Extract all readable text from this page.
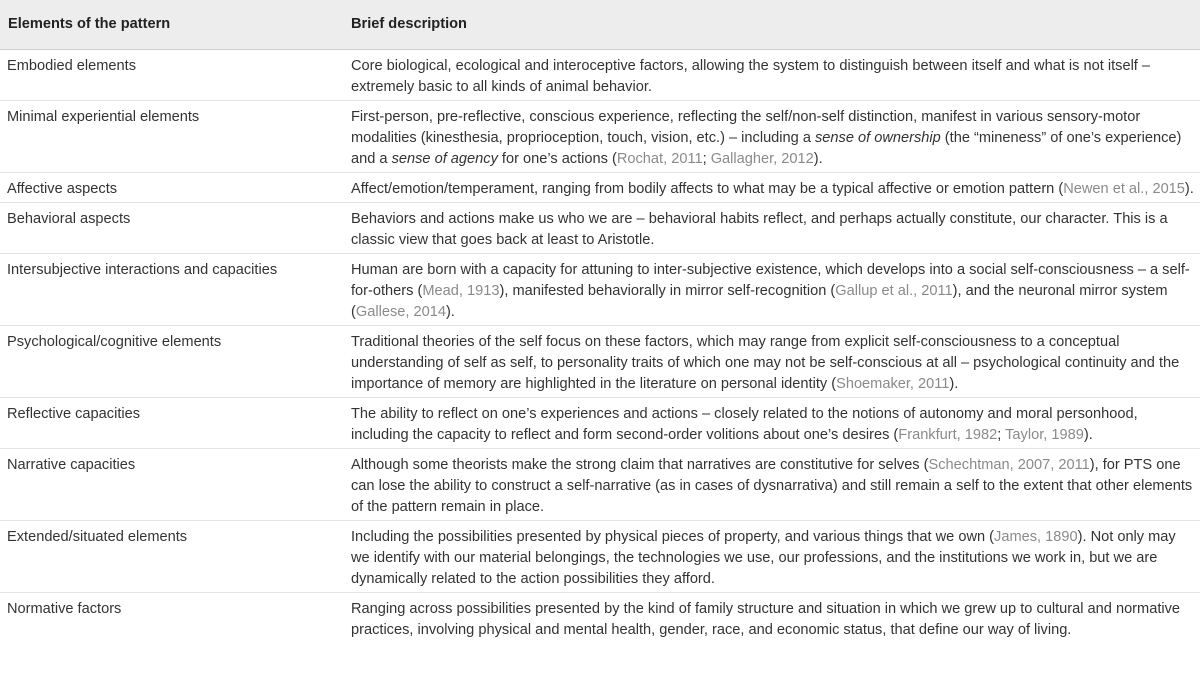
Elements of the pattern	Brief description
Embodied elements	Core biological, ecological and interoceptive factors, allowing the system to distinguish between itself and what is not itself – extremely basic to all kinds of animal behavior.
Minimal experiential elements	First-person, pre-reflective, conscious experience, reflecting the self/non-self distinction, manifest in various sensory-motor modalities (kinesthesia, proprioception, touch, vision, etc.) – including a sense of ownership (the “mineness” of one’s experience) and a sense of agency for one’s actions (Rochat, 2011; Gallagher, 2012).
Affective aspects	Affect/emotion/temperament, ranging from bodily affects to what may be a typical affective or emotion pattern (Newen et al., 2015).
Behavioral aspects	Behaviors and actions make us who we are – behavioral habits reflect, and perhaps actually constitute, our character. This is a classic view that goes back at least to Aristotle.
Intersubjective interactions and capacities	Human are born with a capacity for attuning to inter-subjective existence, which develops into a social self-consciousness – a self-for-others (Mead, 1913), manifested behaviorally in mirror self-recognition (Gallup et al., 2011), and the neuronal mirror system (Gallese, 2014).
Psychological/cognitive elements	Traditional theories of the self focus on these factors, which may range from explicit self-consciousness to a conceptual understanding of self as self, to personality traits of which one may not be self-conscious at all – psychological continuity and the importance of memory are highlighted in the literature on personal identity (Shoemaker, 2011).
Reflective capacities	The ability to reflect on one’s experiences and actions – closely related to the notions of autonomy and moral personhood, including the capacity to reflect and form second-order volitions about one’s desires (Frankfurt, 1982; Taylor, 1989).
Narrative capacities	Although some theorists make the strong claim that narratives are constitutive for selves (Schechtman, 2007, 2011), for PTS one can lose the ability to construct a self-narrative (as in cases of dysnarrativa) and still remain a self to the extent that other elements of the pattern remain in place.
Extended/situated elements	Including the possibilities presented by physical pieces of property, and various things that we own (James, 1890). Not only may we identify with our material belongings, the technologies we use, our professions, and the institutions we work in, but we are dynamically related to the action possibilities they afford.
Normative factors	Ranging across possibilities presented by the kind of family structure and situation in which we grew up to cultural and normative practices, involving physical and mental health, gender, race, and economic status, that define our way of living.
